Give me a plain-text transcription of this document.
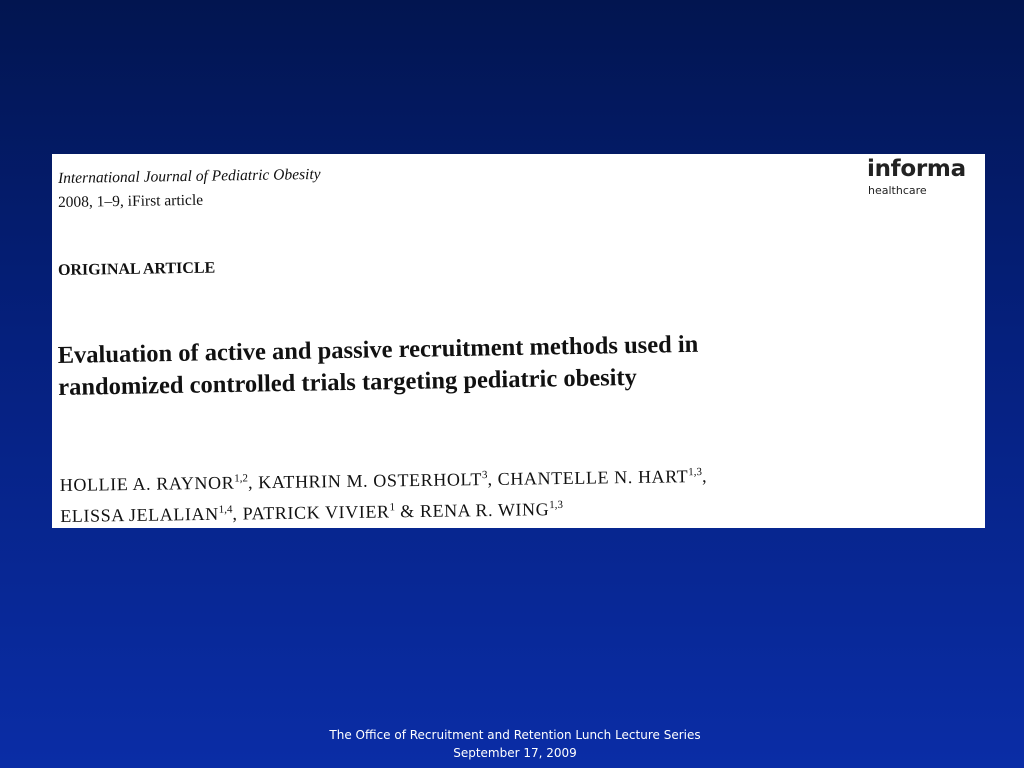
International Journal of Pediatric Obesity
2008, 1–9, iFirst article
informa
healthcare
ORIGINAL ARTICLE
Evaluation of active and passive recruitment methods used in
randomized controlled trials targeting pediatric obesity
HOLLIE A. RAYNOR$^{1,2}$, KATHRIN M. OSTERHOLT$^3$, CHANTELLE N. HART$^{1,3}$,
ELISSA JELALIAN$^{1,4}$, PATRICK VIVIER$^1$ & RENA R. WING$^{1,3}$
The Office of Recruitment and Retention Lunch Lecture Series
September 17, 2009
